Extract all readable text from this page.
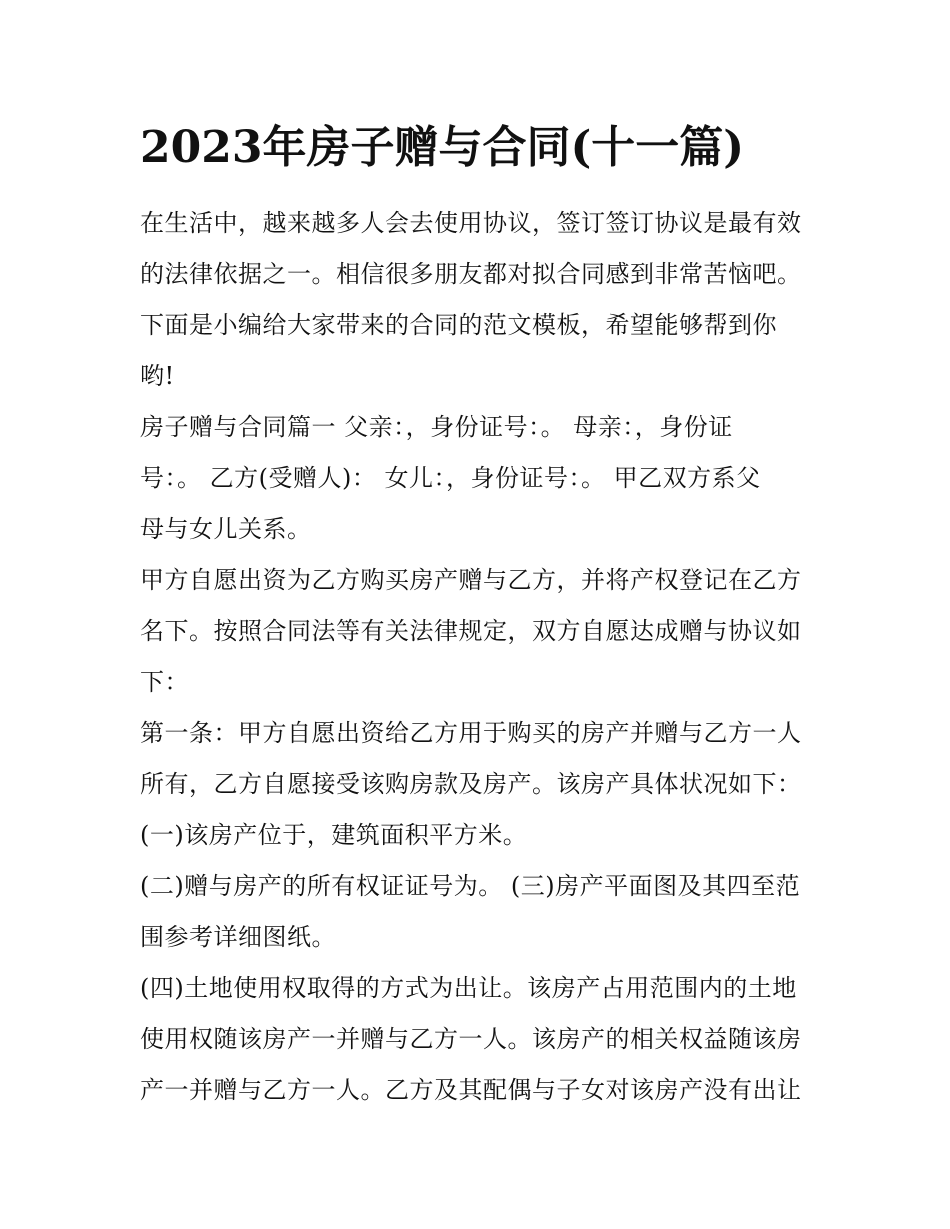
2023年房子赠与合同(十一篇)
在生活中，越来越多人会去使用协议，签订签订协议是最有效
的法律依据之一。相信很多朋友都对拟合同感到非常苦恼吧。
下面是小编给大家带来的合同的范文模板，希望能够帮到你
哟!
房子赠与合同篇一 父亲：，身份证号：。 母亲：，身份证
号：。 乙方(受赠人)： 女儿：，身份证号：。 甲乙双方系父
母与女儿关系。
甲方自愿出资为乙方购买房产赠与乙方，并将产权登记在乙方
名下。按照合同法等有关法律规定，双方自愿达成赠与协议如
下：
第一条：甲方自愿出资给乙方用于购买的房产并赠与乙方一人
所有，乙方自愿接受该购房款及房产。该房产具体状况如下：
(一)该房产位于，建筑面积平方米。
(二)赠与房产的所有权证证号为。 (三)房产平面图及其四至范
围参考详细图纸。
(四)土地使用权取得的方式为出让。该房产占用范围内的土地
使用权随该房产一并赠与乙方一人。该房产的相关权益随该房
产一并赠与乙方一人。乙方及其配偶与子女对该房产没有出让
